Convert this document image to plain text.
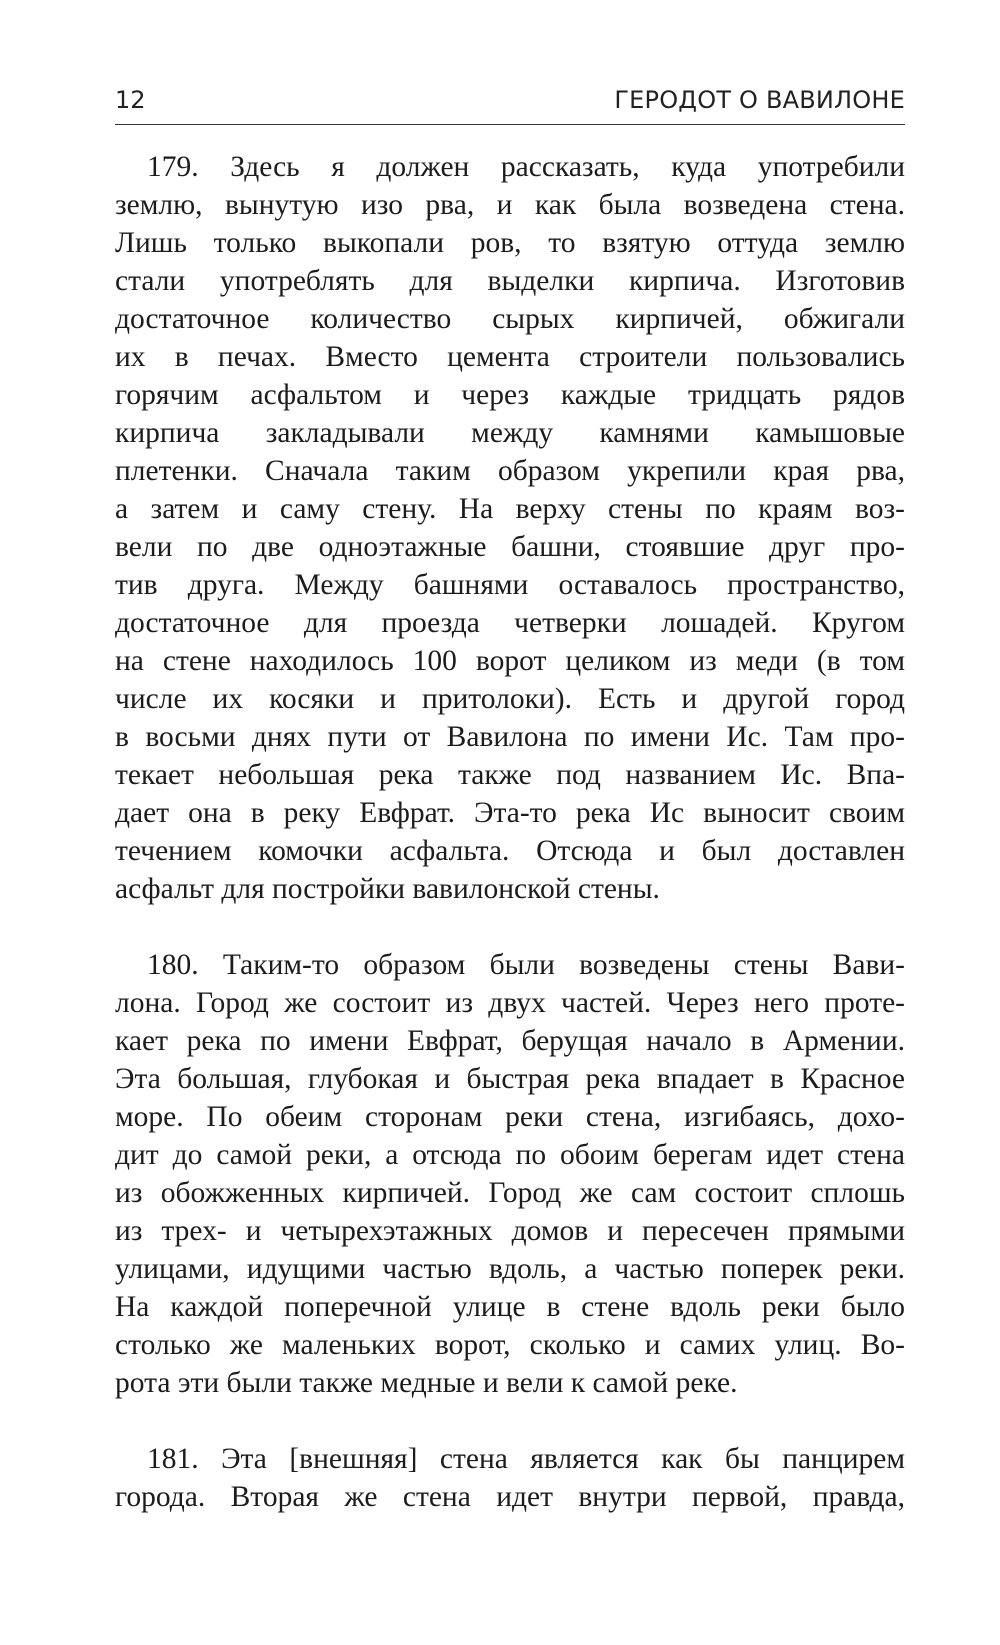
12	ГЕРОДОТ О ВАВИЛОНЕ
179. Здесь я должен рассказать, куда употребили
землю, вынутую изо рва, и как была возведена стена.
Лишь только выкопали ров, то взятую оттуда землю
стали употреблять для выделки кирпича. Изготовив
достаточное количество сырых кирпичей, обжигали
их в печах. Вместо цемента строители пользовались
горячим асфальтом и через каждые тридцать рядов
кирпича закладывали между камнями камышовые
плетенки. Сначала таким образом укрепили края рва,
а затем и саму стену. На верху стены по краям воз-
вели по две одноэтажные башни, стоявшие друг про-
тив друга. Между башнями оставалось пространство,
достаточное для проезда четверки лошадей. Кругом
на стене находилось 100 ворот целиком из меди (в том
числе их косяки и притолоки). Есть и другой город
в восьми днях пути от Вавилона по имени Ис. Там про-
текает небольшая река также под названием Ис. Впа-
дает она в реку Евфрат. Эта-то река Ис выносит своим
течением комочки асфальта. Отсюда и был доставлен
асфальт для постройки вавилонской стены.
180. Таким-то образом были возведены стены Вави-
лона. Город же состоит из двух частей. Через него проте-
кает река по имени Евфрат, берущая начало в Армении.
Эта большая, глубокая и быстрая река впадает в Красное
море. По обеим сторонам реки стена, изгибаясь, дохо-
дит до самой реки, а отсюда по обоим берегам идет стена
из обожженных кирпичей. Город же сам состоит сплошь
из трех- и четырехэтажных домов и пересечен прямыми
улицами, идущими частью вдоль, а частью поперек реки.
На каждой поперечной улице в стене вдоль реки было
столько же маленьких ворот, сколько и самих улиц. Во-
рота эти были также медные и вели к самой реке.
181. Эта [внешняя] стена является как бы панцирем
города. Вторая же стена идет внутри первой, правда,
